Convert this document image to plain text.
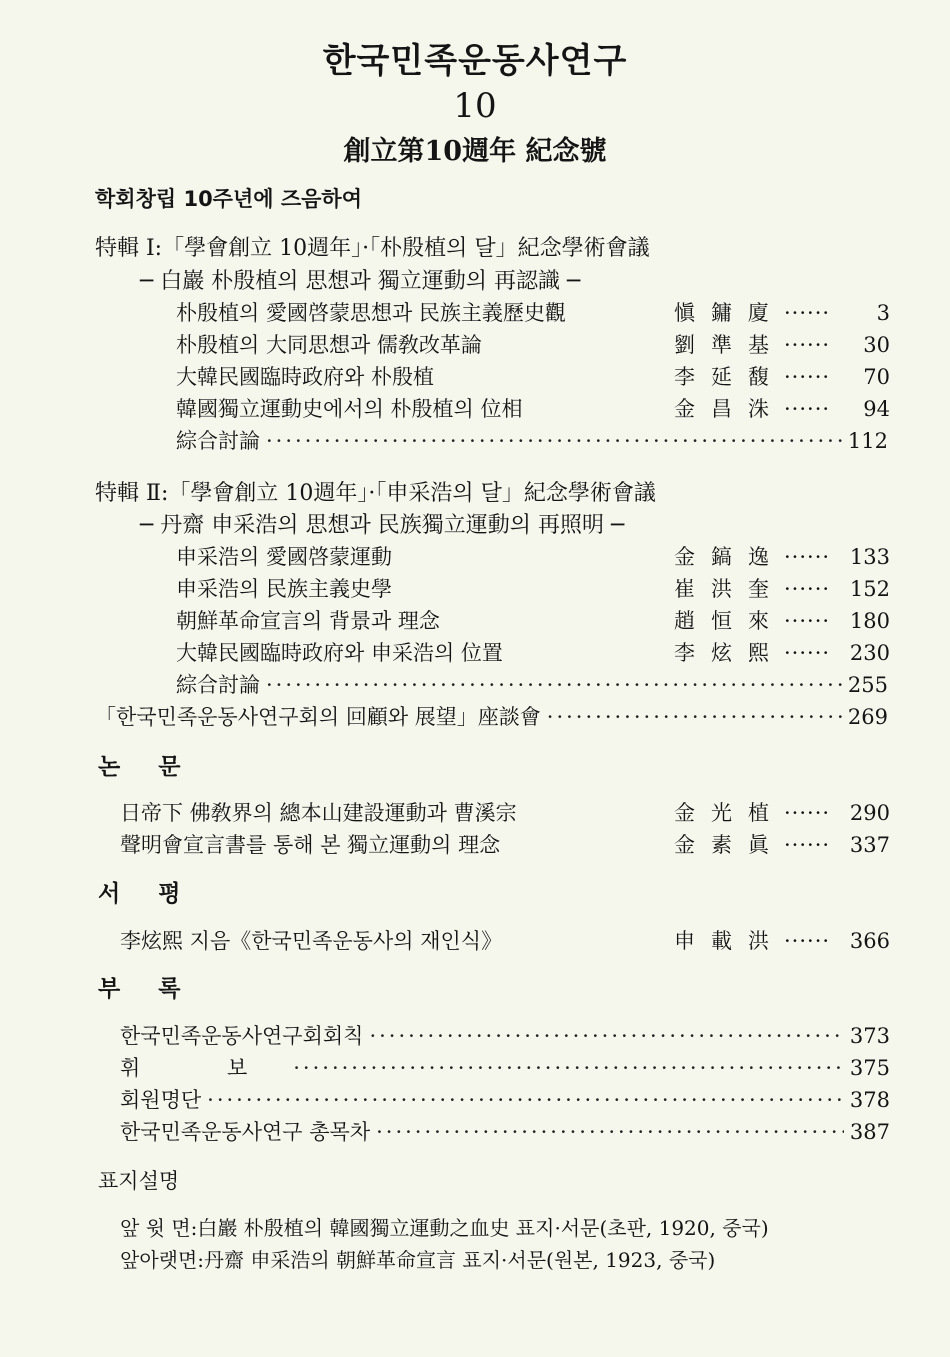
한국민족운동사연구
10
創立第10週年 紀念號
학회창립 10주년에 즈음하여
特輯 Ⅰ:「學會創立 10週年」·「朴殷植의 달」紀念學術會議
─ 白巖 朴殷植의 思想과 獨立運動의 再認識 ─
朴殷植의 愛國啓蒙思想과 民族主義歷史觀	愼鏞廈 ······	3
朴殷植의 大同思想과 儒敎改革論	劉準基 ······	30
大韓民國臨時政府와 朴殷植	李延馥 ······	70
韓國獨立運動史에서의 朴殷植의 位相	金昌洙 ······	94
綜合討論 ·····	112
特輯 Ⅱ:「學會創立 10週年」·「申采浩의 달」紀念學術會議
─ 丹齋 申采浩의 思想과 民族獨立運動의 再照明 ─
申采浩의 愛國啓蒙運動	金鎬逸 ······ 133
申采浩의 民族主義史學	崔洪奎 ······ 152
朝鮮革命宣言의 背景과 理念	趙恒來 ······ 180
大韓民國臨時政府와 申采浩의 位置	李炫熙 ······ 230
綜合討論 ·····	255
「한국민족운동사연구회의 回顧와 展望」座談會 ·····	269
논문
日帝下 佛敎界의 總本山建設運動과 曹溪宗	金光植 ······ 290
聲明會宣言書를 통해 본 獨立運動의 理念	金素眞 ······ 337
서평
李炫熙 지음《한국민족운동사의 재인식》	申載洪 ······ 366
부록
한국민족운동사연구회회칙 ·····	373
휘 보 ·····	375
회원명단 ·····	378
한국민족운동사연구 총목차 ·····	387
표지설명
앞 윗 면:白巖 朴殷植의 韓國獨立運動之血史 표지·서문(초판, 1920, 중국)
앞아랫면:丹齋 申采浩의 朝鮮革命宣言 표지·서문(원본, 1923, 중국)
